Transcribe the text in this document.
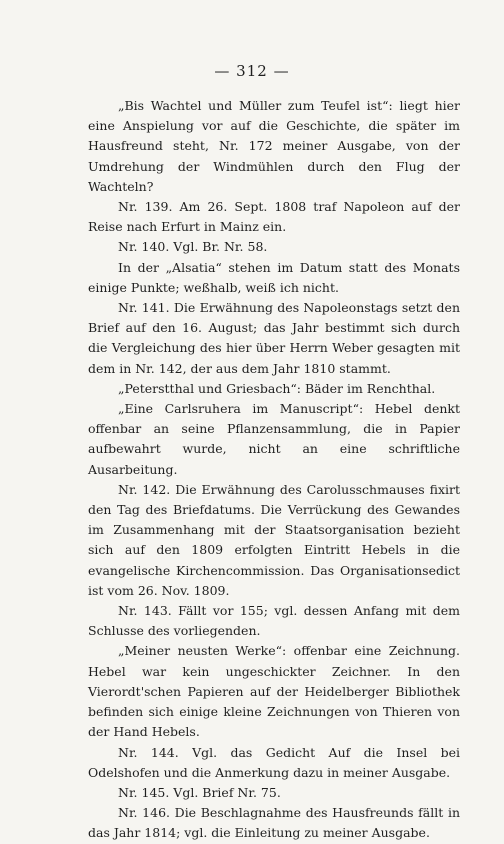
— 312 —

„Bis Wachtel und Müller zum Teufel ist“: liegt hier eine Anspielung vor auf die Geschichte, die später im Hausfreund steht, Nr. 172 meiner Ausgabe, von der Umdrehung der Windmühlen durch den Flug der Wachteln?

Nr. 139. Am 26. Sept. 1808 traf Napoleon auf der Reise nach Erfurt in Mainz ein.

Nr. 140. Vgl. Br. Nr. 58.

In der „Alsatia“ stehen im Datum statt des Monats einige Punkte; weßhalb, weiß ich nicht.

Nr. 141. Die Erwähnung des Napoleonstags setzt den Brief auf den 16. August; das Jahr bestimmt sich durch die Vergleichung des hier über Herrn Weber gesagten mit dem in Nr. 142, der aus dem Jahr 1810 stammt.

„Peterstthal und Griesbach“: Bäder im Renchthal.

„Eine Carlsruhera im Manuscript“: Hebel denkt offenbar an seine Pflanzensammlung, die in Papier aufbewahrt wurde, nicht an eine schriftliche Ausarbeitung.

Nr. 142. Die Erwähnung des Carolusschmauses fixirt den Tag des Briefdatums. Die Verrückung des Gewandes im Zusammenhang mit der Staatsorganisation bezieht sich auf den 1809 erfolgten Eintritt Hebels in die evangelische Kirchencommission. Das Organisationsedict ist vom 26. Nov. 1809.

Nr. 143. Fällt vor 155; vgl. dessen Anfang mit dem Schlusse des vorliegenden.

„Meiner neusten Werke“: offenbar eine Zeichnung. Hebel war kein ungeschickter Zeichner. In den Vierordt'schen Papieren auf der Heidelberger Bibliothek befinden sich einige kleine Zeichnungen von Thieren von der Hand Hebels.

Nr. 144. Vgl. das Gedicht Auf die Insel bei Odelshofen und die Anmerkung dazu in meiner Ausgabe.

Nr. 145. Vgl. Brief Nr. 75.

Nr. 146. Die Beschlagnahme des Hausfreunds fällt in das Jahr 1814; vgl. die Einleitung zu meiner Ausgabe.
